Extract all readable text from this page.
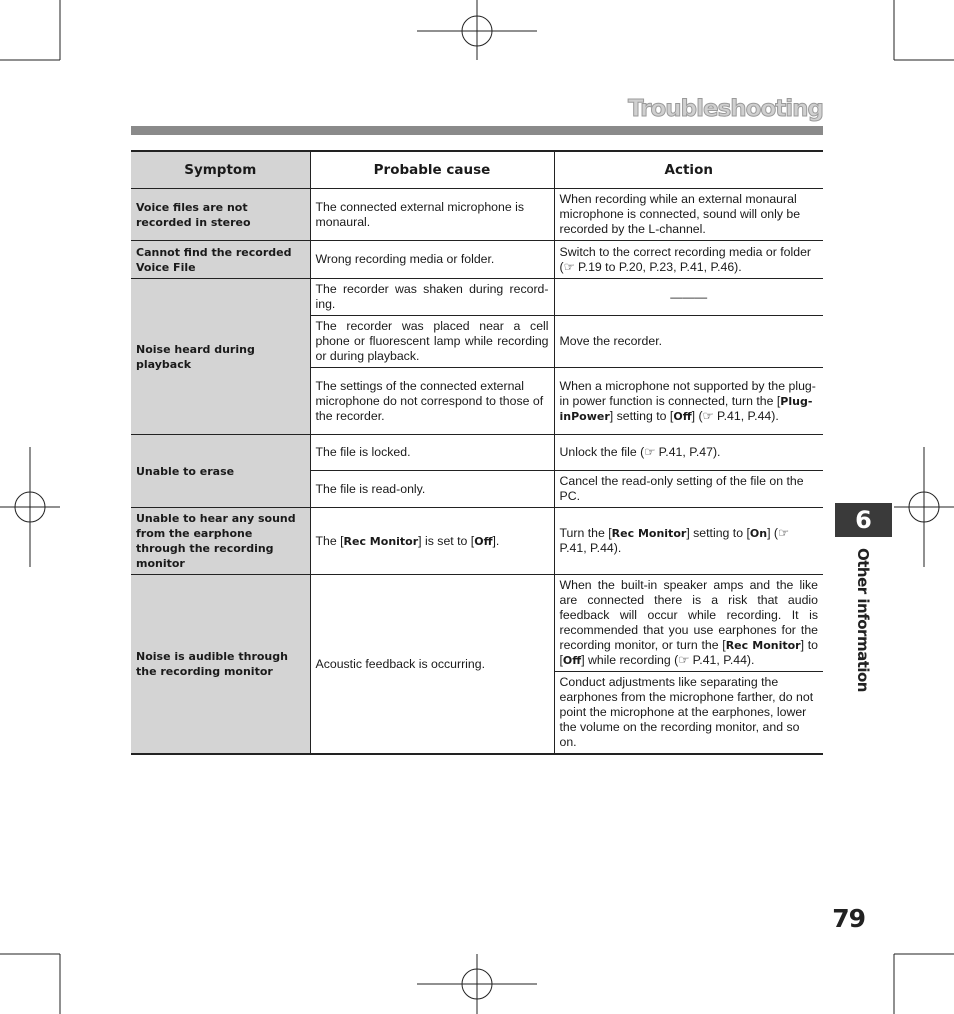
Troubleshooting
Symptom	Probable cause	Action
Voice files are not recorded in stereo	The connected external microphone is monaural.	When recording while an external monaural microphone is connected, sound will only be recorded by the L-channel.
Cannot find the recorded Voice File	Wrong recording media or folder.	Switch to the correct recording media or folder (☞ P.19 to P.20, P.23, P.41, P.46).
Noise heard during playback	The recorder was shaken during record-ing.	———
	The recorder was placed near a cell phone or fluorescent lamp while recording or during playback.	Move the recorder.
	The settings of the connected external microphone do not correspond to those of the recorder.	When a microphone not supported by the plug-in power function is connected, turn the [Plug-inPower] setting to [Off] (☞ P.41, P.44).
Unable to erase	The file is locked.	Unlock the file (☞ P.41, P.47).
	The file is read-only.	Cancel the read-only setting of the file on the PC.
Unable to hear any sound from the earphone through the recording monitor	The [Rec Monitor] is set to [Off].	Turn the [Rec Monitor] setting to [On] (☞ P.41, P.44).
Noise is audible through the recording monitor	Acoustic feedback is occurring.	When the built-in speaker amps and the like are connected there is a risk that audio feedback will occur while recording. It is recommended that you use earphones for the recording monitor, or turn the [Rec Monitor] to [Off] while recording (☞ P.41, P.44).
		Conduct adjustments like separating the earphones from the microphone farther, do not point the microphone at the earphones, lower the volume on the recording monitor, and so on.
6
Other information
79
